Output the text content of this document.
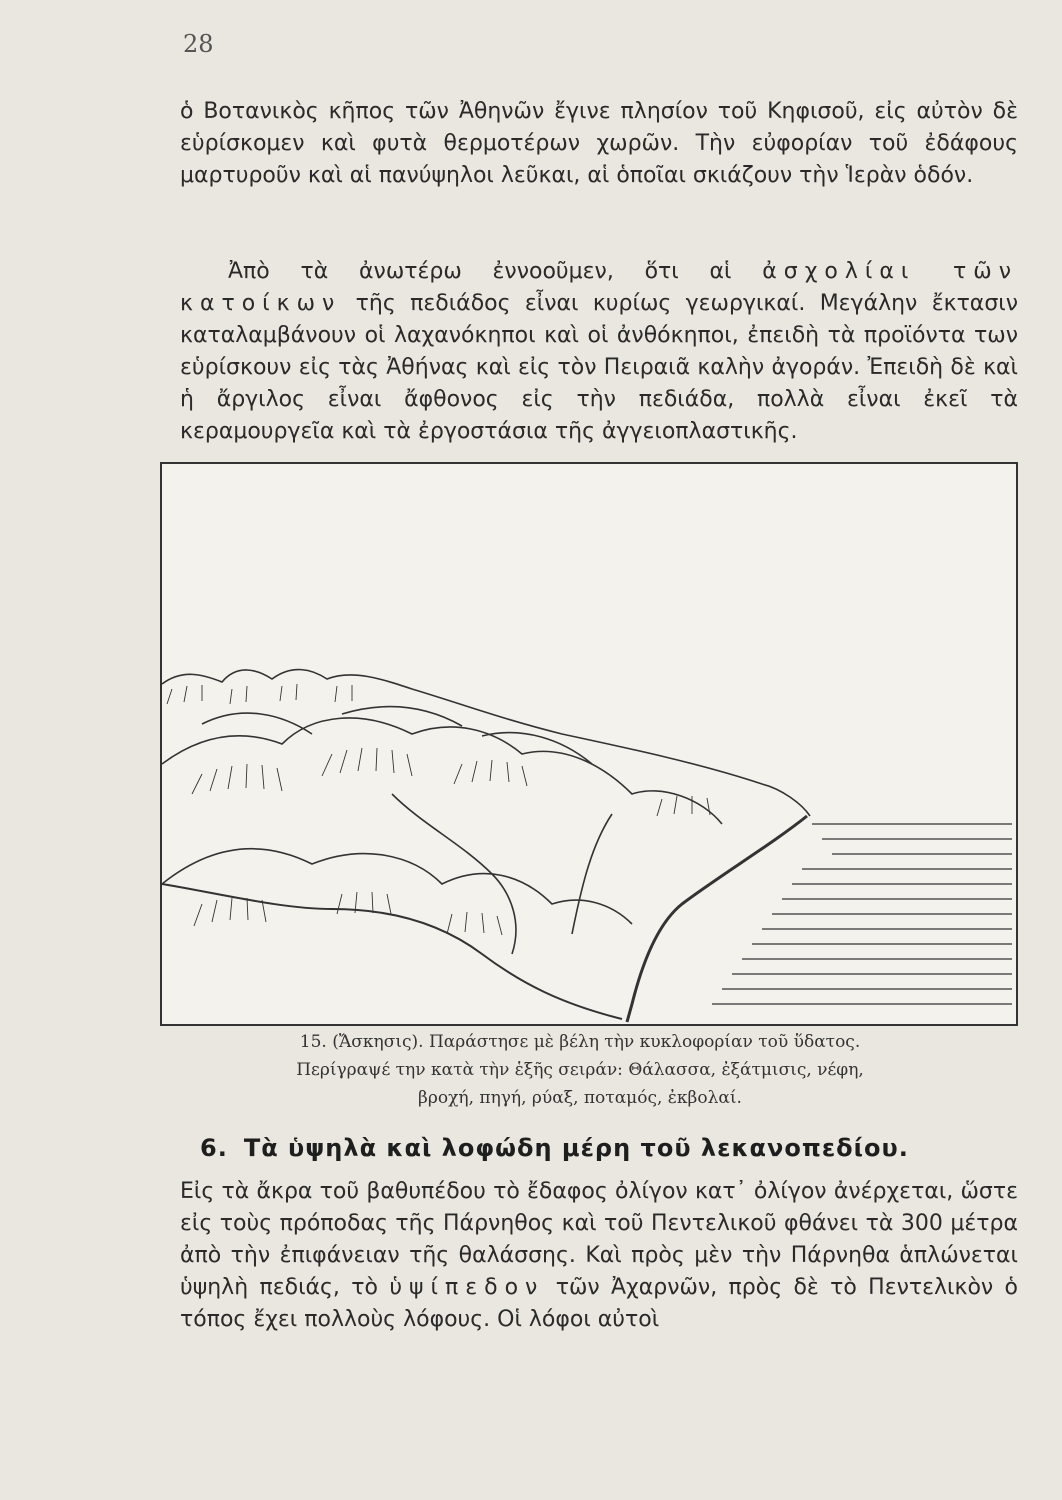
28

ὁ Βοτανικὸς κῆπος τῶν Ἀθηνῶν ἔγινε πλησίον τοῦ Κηφισοῦ, εἰς αὐτὸν δὲ εὑρίσκομεν καὶ φυτὰ θερμοτέρων χωρῶν. Τὴν εὐφορίαν τοῦ ἐδάφους μαρτυροῦν καὶ αἱ πανύψηλοι λεῦκαι, αἱ ὁποῖαι σκιάζουν τὴν Ἱερὰν ὁδόν.

Ἀπὸ τὰ ἀνωτέρω ἐννοοῦμεν, ὅτι αἱ ἀσχολίαι τῶν κατοίκων τῆς πεδιάδος εἶναι κυρίως γεωργικαί. Μεγάλην ἔκτασιν καταλαμβάνουν οἱ λαχανόκηποι καὶ οἱ ἀνθόκηποι, ἐπειδὴ τὰ προϊόντα των εὑρίσκουν εἰς τὰς Ἀθήνας καὶ εἰς τὸν Πειραιᾶ καλὴν ἀγοράν. Ἐπειδὴ δὲ καὶ ἡ ἄργιλος εἶναι ἄφθονος εἰς τὴν πεδιάδα, πολλὰ εἶναι ἐκεῖ τὰ κεραμουργεῖα καὶ τὰ ἐργοστάσια τῆς ἀγγειοπλαστικῆς.

15. (Ἄσκησις). Παράστησε μὲ βέλη τὴν κυκλοφορίαν τοῦ ὕδατος.
Περίγραψέ την κατὰ τὴν ἑξῆς σειράν: Θάλασσα, ἐξάτμισις, νέφη,
βροχή, πηγή, ρύαξ, ποταμός, ἐκβολαί.
6. Τὰ ὑψηλὰ καὶ λοφώδη μέρη τοῦ λεκανοπεδίου.

Εἰς τὰ ἄκρα τοῦ βαθυπέδου τὸ ἔδαφος ὀλίγον κατ᾽ ὀλίγον ἀνέρχεται, ὥστε εἰς τοὺς πρόποδας τῆς Πάρνηθος καὶ τοῦ Πεντελικοῦ φθάνει τὰ 300 μέτρα ἀπὸ τὴν ἐπιφάνειαν τῆς θαλάσσης. Καὶ πρὸς μὲν τὴν Πάρνηθα ἁπλώνεται ὑψηλὴ πεδιάς, τὸ ὑψίπεδον τῶν Ἀχαρνῶν, πρὸς δὲ τὸ Πεντελικὸν ὁ τόπος ἔχει πολλοὺς λόφους. Οἱ λόφοι αὐτοὶ
